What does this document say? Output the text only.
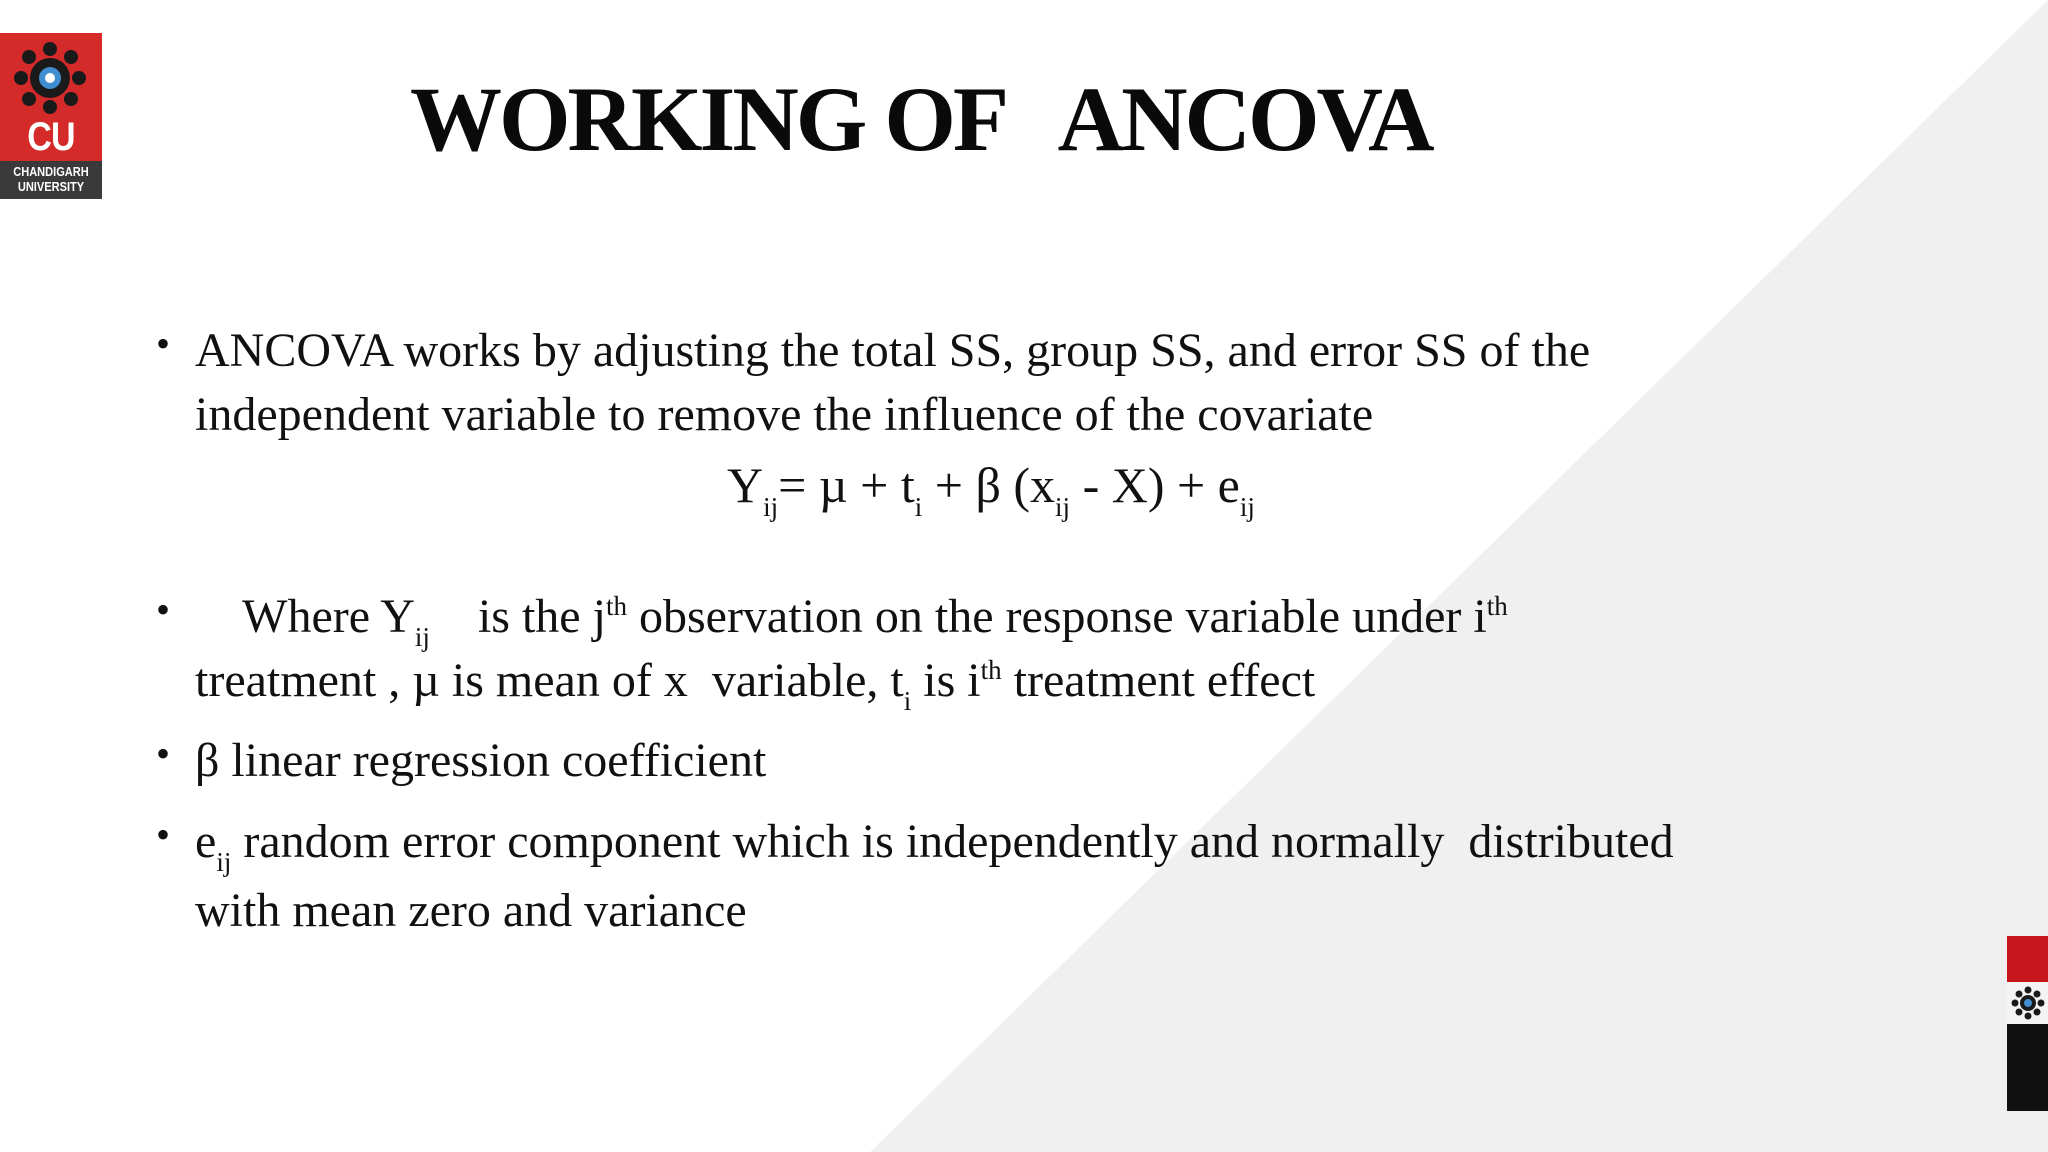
CU
CHANDIGARH
UNIVERSITY
WORKING OF   ANCOVA
• ANCOVA works by adjusting the total SS, group SS, and error SS of the

independent variable to remove the influence of the covariate

$Y_{ij}= \mu + t_i + \beta$ $(x_{ij} - X) + e_{ij}$
• Where $Y_{ij}$    is the $j^{th}$ observation on the response variable under $i^{th}$

treatment , µ is mean of x  variable, $t_i$ is $i^{th}$ treatment effect

• β linear regression coefficient

• $e_{ij}$ random error component which is independently and normally  distributed

with mean zero and variance
